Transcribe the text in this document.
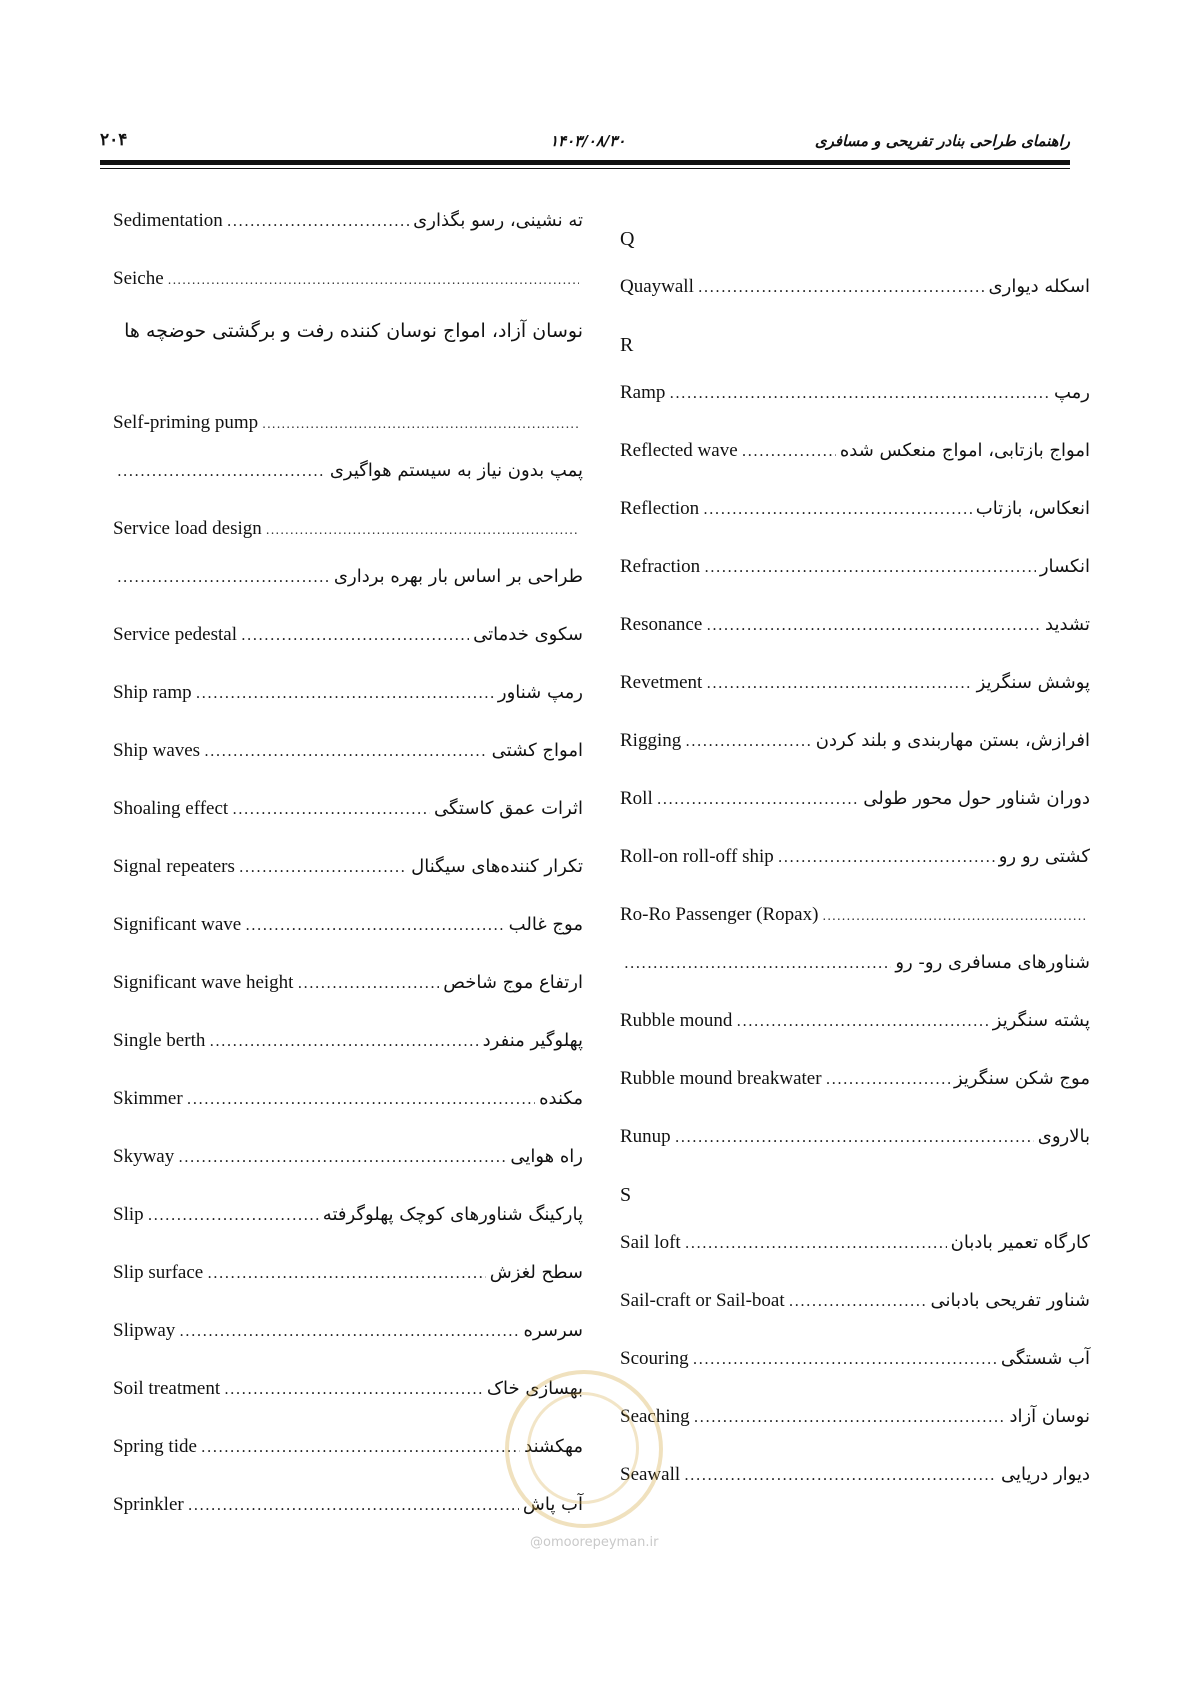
راهنمای طراحی بنادر تفریحی و مسافری
۱۴۰۳/۰۸/۳۰
۲۰۴
Q
Quaywall .....	اسکله دیواری
R
Ramp .....	رمپ
Reflected wave .....	امواج بازتابی، امواج منعکس شده
Reflection .....	انعکاس، بازتاب
Refraction .....	انکسار
Resonance .....	تشدید
Revetment .....	پوشش سنگریز
Rigging .....	افرازش، بستن مهاربندی و بلند کردن
Roll .....	دوران شناور حول محور طولی
Roll-on roll-off ship .....	کشتی رو رو
Ro-Ro Passenger (Ropax)
.....
.....
شناورهای مسافری رو- رو
Rubble mound .....	پشته سنگریز
Rubble mound breakwater .....	موج شکن سنگریز
Runup .....	بالاروی
S
Sail loft .....	کارگاه تعمیر بادبان
Sail-craft or Sail-boat .....	شناور تفریحی بادبانی
Scouring .....	آب شستگی
Seaching .....	نوسان آزاد
Seawall .....	دیوار دریایی
Sedimentation .....	ته نشینی، رسو بگذاری
Seiche
.....
نوسان آزاد، امواج نوسان کننده رفت و برگشتی حوضچه ها
Self-priming pump
.....
.....
پمپ بدون نیاز به سیستم هواگیری
Service load design
.....
.....
طراحی بر اساس بار بهره برداری
Service pedestal .....	سکوی خدماتی
Ship ramp .....	رمپ شناور
Ship waves .....	امواج کشتی
Shoaling effect .....	اثرات عمق کاستگی
Signal repeaters .....	تکرار کننده‌های سیگنال
Significant wave .....	موج غالب
Significant wave height .....	ارتفاع موج شاخص
Single berth .....	پهلوگیر منفرد
Skimmer .....	مکنده
Skyway .....	راه هوایی
Slip .....	پارکینگ شناورهای کوچک پهلوگرفته
Slip surface .....	سطح لغزش
Slipway .....	سرسره
Soil treatment .....	بهسازی خاک
Spring tide .....	مهکشند
Sprinkler .....	آب پاش
@omoorepeyman.ir
